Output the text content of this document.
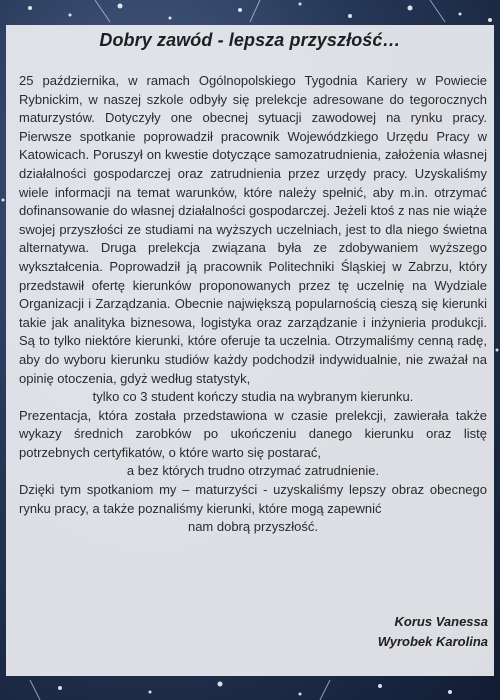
Dobry zawód - lepsza przyszłość…

25 października, w ramach Ogólnopolskiego Tygodnia Kariery w Powiecie Rybnickim, w naszej szkole odbyły się prelekcje adresowane do tegorocznych maturzystów. Dotyczyły one obecnej sytuacji zawodowej na rynku pracy. Pierwsze spotkanie poprowadził pracownik Wojewódzkiego Urzędu Pracy w Katowicach. Poruszył on kwestie dotyczące samozatrudnienia, założenia własnej działalności gospodarczej oraz zatrudnienia przez urzędy pracy. Uzyskaliśmy wiele informacji na temat warunków, które należy spełnić, aby m.in. otrzymać dofinansowanie do własnej działalności gospodarczej. Jeżeli ktoś z nas nie wiąże swojej przyszłości ze studiami na wyższych uczelniach, jest to dla niego świetna alternatywa. Druga prelekcja związana była ze zdobywaniem wyższego wykształcenia. Poprowadził ją pracownik Politechniki Śląskiej w Zabrzu, który przedstawił ofertę kierunków proponowanych przez tę uczelnię na Wydziale Organizacji i Zarządzania. Obecnie największą popularnością cieszą się kierunki takie jak analityka biznesowa, logistyka oraz zarządzanie i inżynieria produkcji. Są to tylko niektóre kierunki, które oferuje ta uczelnia. Otrzymaliśmy cenną radę, aby do wyboru kierunku studiów każdy podchodził indywidualnie, nie zważał na opinię otoczenia, gdyż według statystyk,

tylko co 3 student kończy studia na wybranym kierunku.

Prezentacja, która została przedstawiona w czasie prelekcji, zawierała także wykazy średnich zarobków po ukończeniu danego kierunku oraz listę potrzebnych certyfikatów, o które warto się postarać,

a bez których trudno otrzymać zatrudnienie.

Dzięki tym spotkaniom my – maturzyści - uzyskaliśmy lepszy obraz obecnego rynku pracy, a także poznaliśmy kierunki, które mogą zapewnić

nam dobrą przyszłość.

Korus Vanessa
Wyrobek Karolina
